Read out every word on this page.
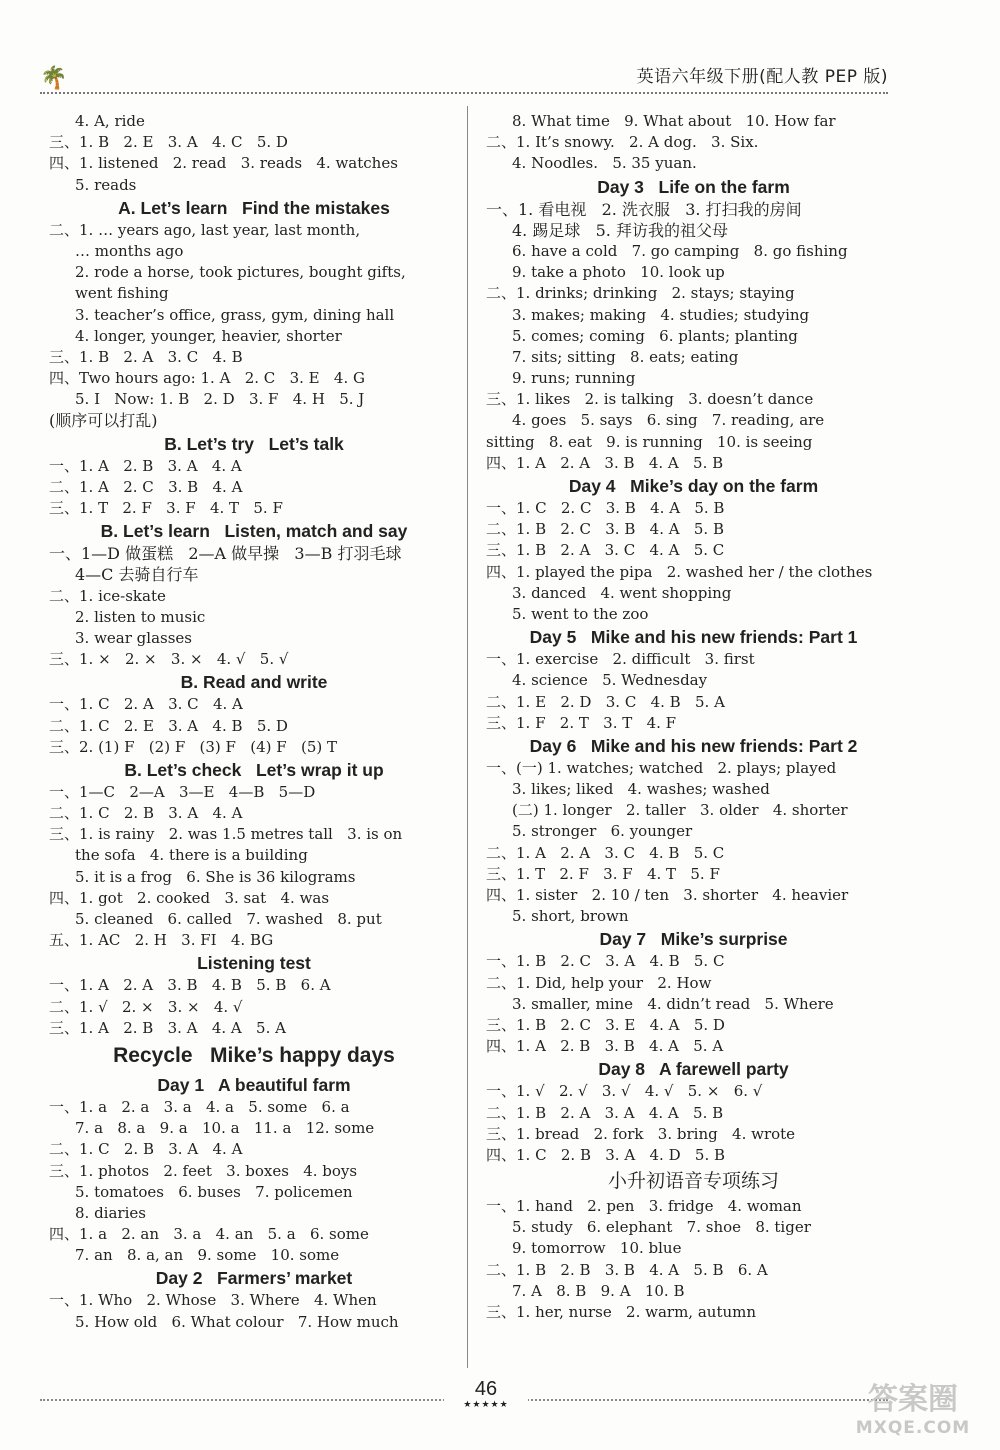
🌴	英语六年级下册(配人教 PEP 版)
4. A, ride
三、1. B   2. E   3. A   4. C   5. D
四、1. listened   2. read   3. reads   4. watches
5. reads
A. Let’s learn   Find the mistakes
二、1. … years ago, last year, last month,
… months ago
2. rode a horse, took pictures, bought gifts,
went fishing
3. teacher’s office, grass, gym, dining hall
4. longer, younger, heavier, shorter
三、1. B   2. A   3. C   4. B
四、Two hours ago: 1. A   2. C   3. E   4. G
5. I   Now: 1. B   2. D   3. F   4. H   5. J
(顺序可以打乱)
B. Let’s try   Let’s talk
一、1. A   2. B   3. A   4. A
二、1. A   2. C   3. B   4. A
三、1. T   2. F   3. F   4. T   5. F
B. Let’s learn   Listen, match and say
一、1—D 做蛋糕   2—A 做早操   3—B 打羽毛球
4—C 去骑自行车
二、1. ice-skate
2. listen to music
3. wear glasses
三、1. ×   2. ×   3. ×   4. √   5. √
B. Read and write
一、1. C   2. A   3. C   4. A
二、1. C   2. E   3. A   4. B   5. D
三、2. (1) F   (2) F   (3) F   (4) F   (5) T
B. Let’s check   Let’s wrap it up
一、1—C   2—A   3—E   4—B   5—D
二、1. C   2. B   3. A   4. A
三、1. is rainy   2. was 1.5 metres tall   3. is on
the sofa   4. there is a building
5. it is a frog   6. She is 36 kilograms
四、1. got   2. cooked   3. sat   4. was
5. cleaned   6. called   7. washed   8. put
五、1. AC   2. H   3. FI   4. BG
Listening test
一、1. A   2. A   3. B   4. B   5. B   6. A
二、1. √   2. ×   3. ×   4. √
三、1. A   2. B   3. A   4. A   5. A
Recycle   Mike’s happy days
Day 1   A beautiful farm
一、1. a   2. a   3. a   4. a   5. some   6. a
7. a   8. a   9. a   10. a   11. a   12. some
二、1. C   2. B   3. A   4. A
三、1. photos   2. feet   3. boxes   4. boys
5. tomatoes   6. buses   7. policemen
8. diaries
四、1. a   2. an   3. a   4. an   5. a   6. some
7. an   8. a, an   9. some   10. some
Day 2   Farmers’ market
一、1. Who   2. Whose   3. Where   4. When
5. How old   6. What colour   7. How much
8. What time   9. What about   10. How far
二、1. It’s snowy.   2. A dog.   3. Six.
4. Noodles.   5. 35 yuan.
Day 3   Life on the farm
一、1. 看电视   2. 洗衣服   3. 打扫我的房间
4. 踢足球   5. 拜访我的祖父母
6. have a cold   7. go camping   8. go fishing
9. take a photo   10. look up
二、1. drinks; drinking   2. stays; staying
3. makes; making   4. studies; studying
5. comes; coming   6. plants; planting
7. sits; sitting   8. eats; eating
9. runs; running
三、1. likes   2. is talking   3. doesn’t dance
4. goes   5. says   6. sing   7. reading, are
sitting   8. eat   9. is running   10. is seeing
四、1. A   2. A   3. B   4. A   5. B
Day 4   Mike’s day on the farm
一、1. C   2. C   3. B   4. A   5. B
二、1. B   2. C   3. B   4. A   5. B
三、1. B   2. A   3. C   4. A   5. C
四、1. played the pipa   2. washed her / the clothes
3. danced   4. went shopping
5. went to the zoo
Day 5   Mike and his new friends: Part 1
一、1. exercise   2. difficult   3. first
4. science   5. Wednesday
二、1. E   2. D   3. C   4. B   5. A
三、1. F   2. T   3. T   4. F
Day 6   Mike and his new friends: Part 2
一、(一) 1. watches; watched   2. plays; played
3. likes; liked   4. washes; washed
(二) 1. longer   2. taller   3. older   4. shorter
5. stronger   6. younger
二、1. A   2. A   3. C   4. B   5. C
三、1. T   2. F   3. F   4. T   5. F
四、1. sister   2. 10 / ten   3. shorter   4. heavier
5. short, brown
Day 7   Mike’s surprise
一、1. B   2. C   3. A   4. B   5. C
二、1. Did, help your   2. How
3. smaller, mine   4. didn’t read   5. Where
三、1. B   2. C   3. E   4. A   5. D
四、1. A   2. B   3. B   4. A   5. A
Day 8   A farewell party
一、1. √   2. √   3. √   4. √   5. ×   6. √
二、1. B   2. A   3. A   4. A   5. B
三、1. bread   2. fork   3. bring   4. wrote
四、1. C   2. B   3. A   4. D   5. B
小升初语音专项练习
一、1. hand   2. pen   3. fridge   4. woman
5. study   6. elephant   7. shoe   8. tiger
9. tomorrow   10. blue
二、1. B   2. B   3. B   4. A   5. B   6. A
7. A   8. B   9. A   10. B
三、1. her, nurse   2. warm, autumn
46
★★★★★	答案圈
MXQE.COM
